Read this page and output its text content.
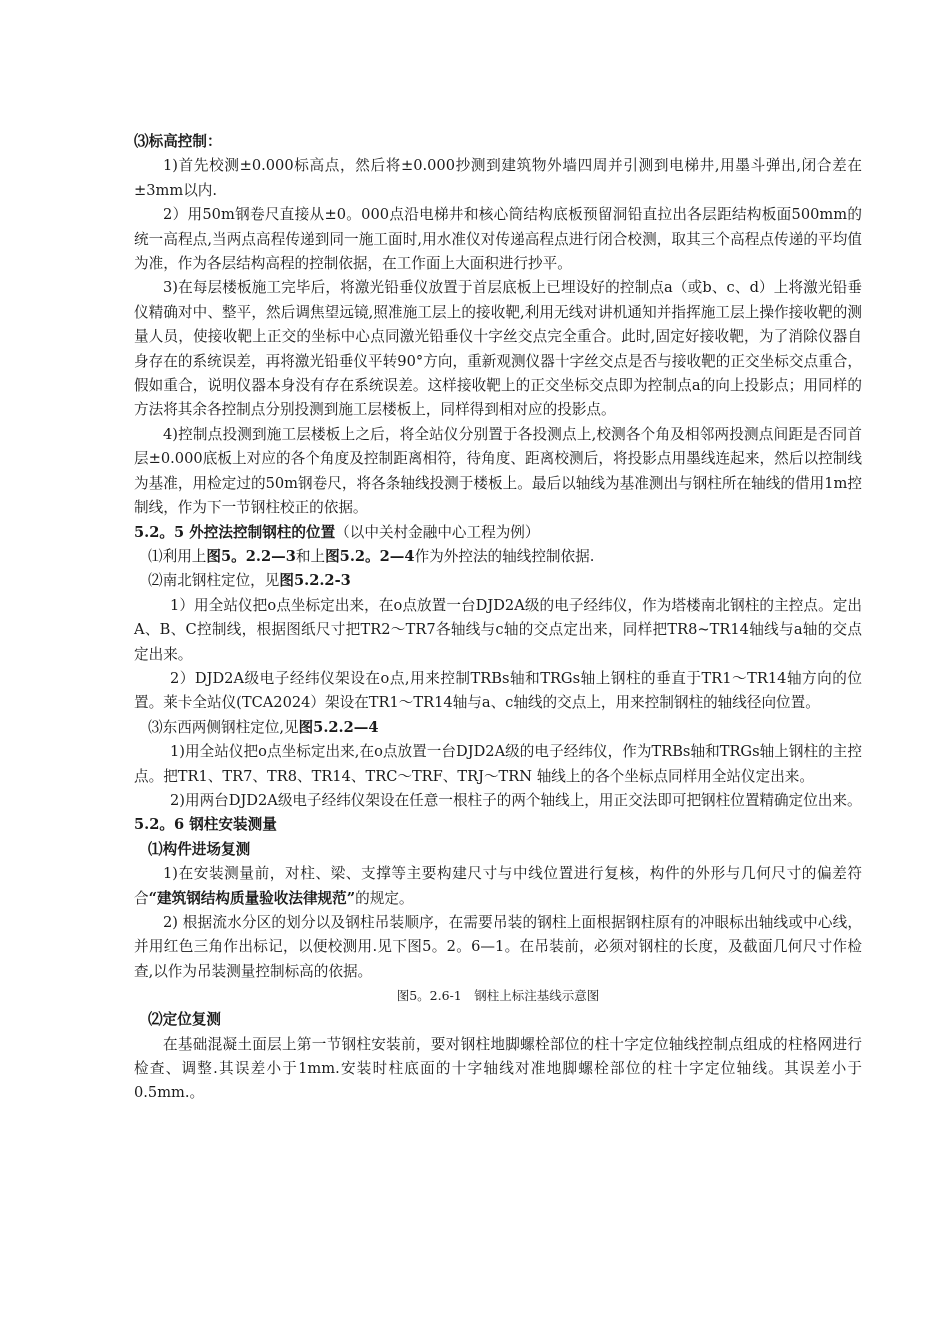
⑶标高控制：

1)首先校测±0.000标高点，然后将±0.000抄测到建筑物外墙四周并引测到电梯井,用墨斗弹出,闭合差在±3mm以内.

2）用50m钢卷尺直接从±0。000点沿电梯井和核心筒结构底板预留洞铅直拉出各层距结构板面500mm的统一高程点,当两点高程传递到同一施工面时,用水准仪对传递高程点进行闭合校测，取其三个高程点传递的平均值为准，作为各层结构高程的控制依据，在工作面上大面积进行抄平。

3)在每层楼板施工完毕后，将激光铅垂仪放置于首层底板上已埋设好的控制点a（或b、c、d）上将激光铅垂仪精确对中、整平，然后调焦望远镜,照准施工层上的接收靶,利用无线对讲机通知并指挥施工层上操作接收靶的测量人员，使接收靶上正交的坐标中心点同激光铅垂仪十字丝交点完全重合。此时,固定好接收靶，为了消除仪器自身存在的系统误差，再将激光铅垂仪平转90°方向，重新观测仪器十字丝交点是否与接收靶的正交坐标交点重合，假如重合，说明仪器本身没有存在系统误差。这样接收靶上的正交坐标交点即为控制点a的向上投影点；用同样的方法将其余各控制点分别投测到施工层楼板上，同样得到相对应的投影点。

4)控制点投测到施工层楼板上之后，将全站仪分别置于各投测点上,校测各个角及相邻两投测点间距是否同首层±0.000底板上对应的各个角度及控制距离相符，待角度、距离校测后，将投影点用墨线连起来，然后以控制线为基准，用检定过的50m钢卷尺，将各条轴线投测于楼板上。最后以轴线为基准测出与钢柱所在轴线的借用1m控制线，作为下一节钢柱校正的依据。

5.2。5 外控法控制钢柱的位置（以中关村金融中心工程为例）

⑴利用上图5。2.2—3和上图5.2。2—4作为外控法的轴线控制依据.

⑵南北钢柱定位，见图5.2.2-3

1）用全站仪把o点坐标定出来，在o点放置一台DJD2A级的电子经纬仪，作为塔楼南北钢柱的主控点。定出A、B、C控制线，根据图纸尺寸把TR2～TR7各轴线与c轴的交点定出来，同样把TR8~TR14轴线与a轴的交点定出来。

2）DJD2A级电子经纬仪架设在o点,用来控制TRBs轴和TRGs轴上钢柱的垂直于TR1～TR14轴方向的位置。莱卡全站仪(TCA2024）架设在TR1～TR14轴与a、c轴线的交点上，用来控制钢柱的轴线径向位置。

⑶东西两侧钢柱定位,见图5.2.2—4

1)用全站仪把o点坐标定出来,在o点放置一台DJD2A级的电子经纬仪，作为TRBs轴和TRGs轴上钢柱的主控点。把TR1、TR7、TR8、TR14、TRC～TRF、TRJ～TRN 轴线上的各个坐标点同样用全站仪定出来。

2)用两台DJD2A级电子经纬仪架设在任意一根柱子的两个轴线上，用正交法即可把钢柱位置精确定位出来。

5.2。6 钢柱安装测量

⑴构件进场复测

1)在安装测量前，对柱、梁、支撑等主要构建尺寸与中线位置进行复核，构件的外形与几何尺寸的偏差符合“建筑钢结构质量验收法律规范”的规定。

2) 根据流水分区的划分以及钢柱吊装顺序，在需要吊装的钢柱上面根据钢柱原有的冲眼标出轴线或中心线，并用红色三角作出标记，以便校测用.见下图5。2。6—1。在吊装前，必须对钢柱的长度，及截面几何尺寸作检查,以作为吊装测量控制标高的依据。

图5。2.6-1　钢柱上标注基线示意图

⑵定位复测

在基础混凝土面层上第一节钢柱安装前，要对钢柱地脚螺栓部位的柱十字定位轴线控制点组成的柱格网进行检查、调整.其误差小于1mm.安装时柱底面的十字轴线对准地脚螺栓部位的柱十字定位轴线。其误差小于0.5mm.。
